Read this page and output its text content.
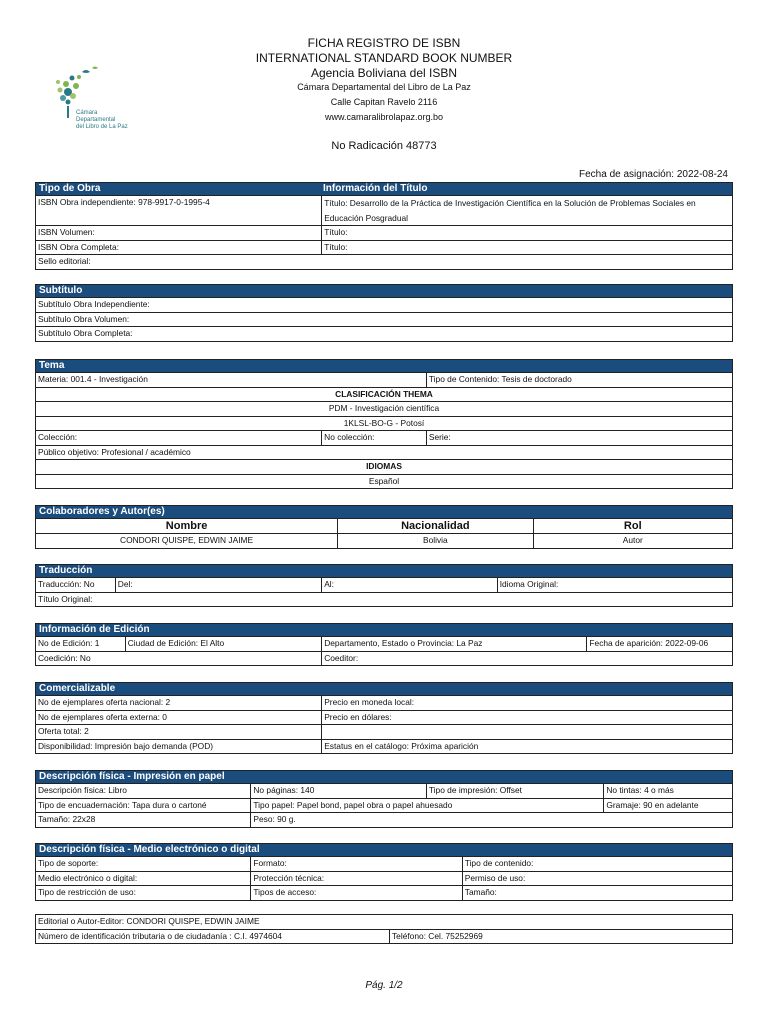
FICHA REGISTRO DE ISBN
INTERNATIONAL STANDARD BOOK NUMBER
Agencia Boliviana del ISBN
Cámara Departamental del Libro de La Paz
Calle Capitan Ravelo 2116
www.camaralibrolapaz.org.bo
No Radicación 48773
Fecha de asignación: 2022-08-24
Cámara
Departamental
del Libro de La Paz
Tipo de Obra	Información del Título
ISBN Obra independiente: 978-9917-0-1995-4	Título: Desarrollo de la Práctica de Investigación Científica en la Solución de Problemas Sociales en Educación Posgradual
ISBN Volumen:	Título:
ISBN Obra Completa:	Título:
Sello editorial:
Subtítulo
Subtítulo Obra Independiente:
Subtítulo Obra Volumen:
Subtítulo Obra Completa:
Tema
Materia: 001.4 - Investigación	Tipo de Contenido: Tesis de doctorado
CLASIFICACIÓN THEMA
PDM - Investigación científica
1KLSL-BO-G - Potosí
Colección:	No colección:	Serie:
Público objetivo: Profesional / académico
IDIOMAS
Español
Colaboradores y Autor(es)
Nombre	Nacionalidad	Rol
CONDORI QUISPE, EDWIN JAIME	Bolivia	Autor
Traducción
Traducción: No	Del:	Al:	Idioma Original:
Título Original:
Información de Edición
No de Edición: 1	Ciudad de Edición: El Alto	Departamento, Estado o Provincia: La Paz	Fecha de aparición: 2022-09-06
Coedición: No	Coeditor:
Comercializable
No de ejemplares oferta nacional: 2	Precio en moneda local:
No de ejemplares oferta externa: 0	Precio en dólares:
Oferta total: 2
Disponibilidad: Impresión bajo demanda (POD)	Estatus en el catálogo: Próxima aparición
Descripción física - Impresión en papel
Descripción física: Libro	No páginas: 140	Tipo de impresión: Offset	No tintas: 4 o más
Tipo de encuadernación: Tapa dura o cartoné	Tipo papel: Papel bond, papel obra o papel ahuesado	Gramaje: 90 en adelante
Tamaño: 22x28	Peso: 90 g.
Descripción física - Medio electrónico o digital
Tipo de soporte:	Formato:	Tipo de contenido:
Medio electrónico o digital:	Protección técnica:	Permiso de uso:
Tipo de restricción de uso:	Tipos de acceso:	Tamaño:
Editorial o Autor-Editor: CONDORI QUISPE, EDWIN JAIME
Número de identificación tributaria o de ciudadanía : C.I. 4974604	Teléfono: Cel. 75252969
Pág. 1/2
